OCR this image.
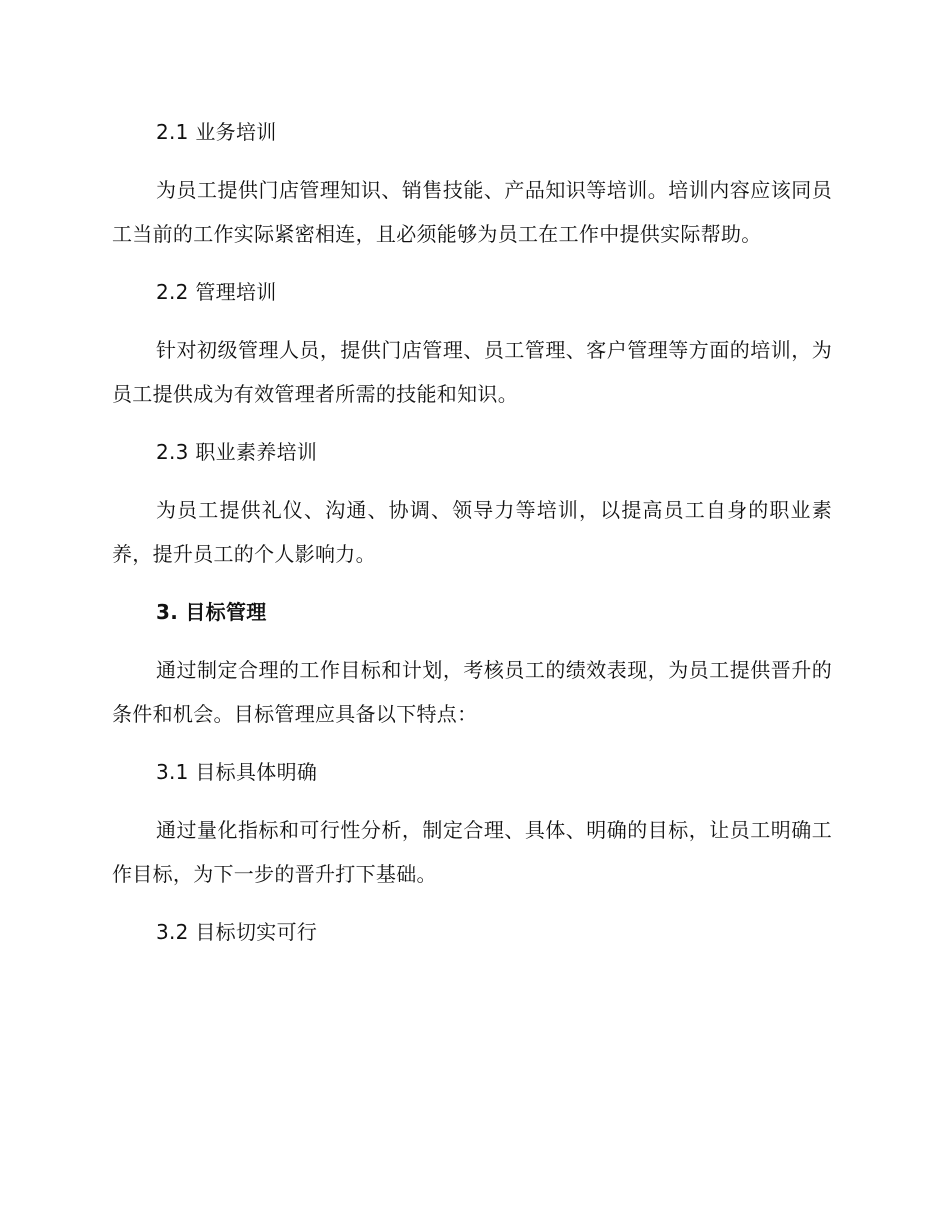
2.1 业务培训

为员工提供门店管理知识、销售技能、产品知识等培训。培训内容应该同员工当前的工作实际紧密相连，且必须能够为员工在工作中提供实际帮助。

2.2 管理培训

针对初级管理人员，提供门店管理、员工管理、客户管理等方面的培训，为员工提供成为有效管理者所需的技能和知识。

2.3 职业素养培训

为员工提供礼仪、沟通、协调、领导力等培训，以提高员工自身的职业素养，提升员工的个人影响力。

3. 目标管理

通过制定合理的工作目标和计划，考核员工的绩效表现，为员工提供晋升的条件和机会。目标管理应具备以下特点：

3.1 目标具体明确

通过量化指标和可行性分析，制定合理、具体、明确的目标，让员工明确工作目标，为下一步的晋升打下基础。

3.2 目标切实可行
